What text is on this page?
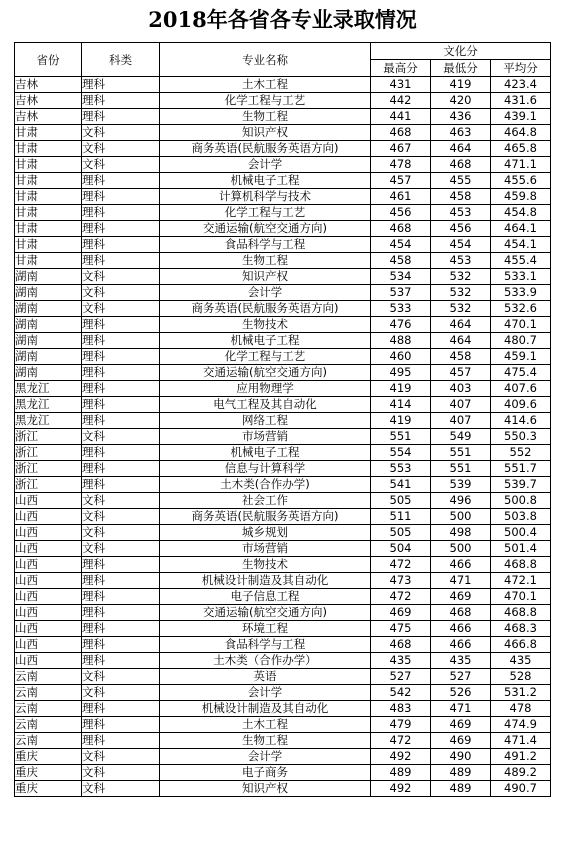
2018年各省各专业录取情况
省份	科类	专业名称	文化分		
			最高分	最低分	平均分
吉林	理科	土木工程	431	419	423.4
吉林	理科	化学工程与工艺	442	420	431.6
吉林	理科	生物工程	441	436	439.1
甘肃	文科	知识产权	468	463	464.8
甘肃	文科	商务英语(民航服务英语方向)	467	464	465.8
甘肃	文科	会计学	478	468	471.1
甘肃	理科	机械电子工程	457	455	455.6
甘肃	理科	计算机科学与技术	461	458	459.8
甘肃	理科	化学工程与工艺	456	453	454.8
甘肃	理科	交通运输(航空交通方向)	468	456	464.1
甘肃	理科	食品科学与工程	454	454	454.1
甘肃	理科	生物工程	458	453	455.4
湖南	文科	知识产权	534	532	533.1
湖南	文科	会计学	537	532	533.9
湖南	文科	商务英语(民航服务英语方向)	533	532	532.6
湖南	理科	生物技术	476	464	470.1
湖南	理科	机械电子工程	488	464	480.7
湖南	理科	化学工程与工艺	460	458	459.1
湖南	理科	交通运输(航空交通方向)	495	457	475.4
黑龙江	理科	应用物理学	419	403	407.6
黑龙江	理科	电气工程及其自动化	414	407	409.6
黑龙江	理科	网络工程	419	407	414.6
浙江	文科	市场营销	551	549	550.3
浙江	理科	机械电子工程	554	551	552
浙江	理科	信息与计算科学	553	551	551.7
浙江	理科	土木类(合作办学)	541	539	539.7
山西	文科	社会工作	505	496	500.8
山西	文科	商务英语(民航服务英语方向)	511	500	503.8
山西	文科	城乡规划	505	498	500.4
山西	文科	市场营销	504	500	501.4
山西	理科	生物技术	472	466	468.8
山西	理科	机械设计制造及其自动化	473	471	472.1
山西	理科	电子信息工程	472	469	470.1
山西	理科	交通运输(航空交通方向)	469	468	468.8
山西	理科	环境工程	475	466	468.3
山西	理科	食品科学与工程	468	466	466.8
山西	理科	土木类（合作办学）	435	435	435
云南	文科	英语	527	527	528
云南	文科	会计学	542	526	531.2
云南	理科	机械设计制造及其自动化	483	471	478
云南	理科	土木工程	479	469	474.9
云南	理科	生物工程	472	469	471.4
重庆	文科	会计学	492	490	491.2
重庆	文科	电子商务	489	489	489.2
重庆	文科	知识产权	492	489	490.7
